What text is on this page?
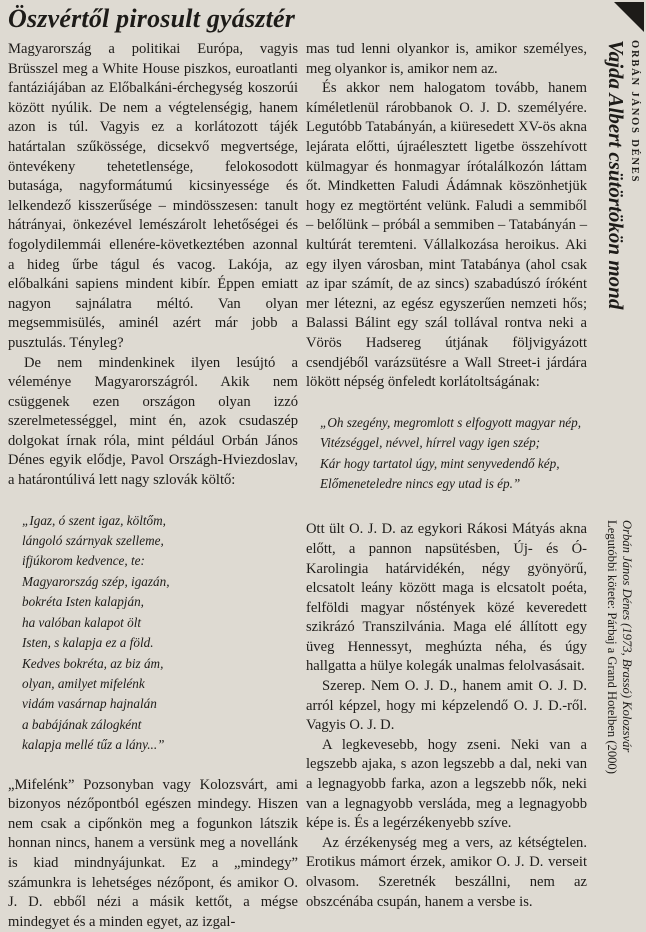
Öszvértől pirosult gyásztér

Magyarország a politikai Európa, vagyis Brüsszel meg a White House piszkos, euroatlanti fantáziájában az Előbalkáni-érchegység koszorúi között nyúlik. De nem a végtelenségig, hanem azon is túl. Vagyis ez a korlátozott tájék határtalan szűkössége, dicsekvő megvertsége, öntevékeny tehetetlensége, felokosodott butasága, nagyformátumú kicsinyessége és lelkendező kisszerűsége – mindösszesen: tanult hátrányai, önkezével lemészárolt lehetőségei és fogolydilemmái ellenére-következtében azonnal a hideg űrbe tágul és vacog. Lakója, az előbalkáni sapiens mindent kibír. Éppen emiatt nagyon sajnálatra méltó. Van olyan megsemmisülés, aminél azért már jobb a pusztulás. Tényleg?

De nem mindenkinek ilyen lesújtó a véleménye Magyarországról. Akik nem csüggenek ezen országon olyan izzó szerelmetességgel, mint én, azok csudaszép dolgokat írnak róla, mint például Orbán János Dénes egyik elődje, Pavol Országh-Hviezdoslav, a határontúlivá lett nagy szlovák költő:

„Igaz, ó szent igaz, költőm,
lángoló szárnyak szelleme,
ifjúkorom kedvence, te:
Magyarország szép, igazán,
bokréta Isten kalapján,
ha valóban kalapot ölt
Isten, s kalapja ez a föld.
Kedves bokréta, az biz ám,
olyan, amilyet mifelénk
vidám vasárnap hajnalán
a babájának zálogként
kalapja mellé tűz a lány...”

„Mifelénk” Pozsonyban vagy Kolozsvárt, ami bizonyos nézőpontból egészen mindegy. Hiszen nem csak a cipőnkön meg a fogunkon látszik honnan nincs, hanem a versünk meg a novellánk is kiad mindnyájunkat. Ez a „mindegy” számunkra is lehetséges nézőpont, és amikor O. J. D. ebből nézi a másik kettőt, a mégse mindegyet és a minden egyet, az izgal-

mas tud lenni olyankor is, amikor személyes, meg olyankor is, amikor nem az.

És akkor nem halogatom tovább, hanem kíméletlenül rárobbanok O. J. D. személyére. Legutóbb Tatabányán, a kiüresedett XV-ös akna lejárata előtti, újraélesztett ligetbe összehívott külmagyar és honmagyar írótalálkozón láttam őt. Mindketten Faludi Ádámnak köszönhetjük hogy ez megtörtént velünk. Faludi a semmiből – belőlünk – próbál a semmiben – Tatabányán – kultúrát teremteni. Vállalkozása heroikus. Aki egy ilyen városban, mint Tatabánya (ahol csak az ipar számít, de az sincs) szabadúszó íróként mer létezni, az egész egyszerűen nemzeti hős; Balassi Bálint egy szál tollával rontva neki a Vörös Hadsereg útjának följvigyázott csendjéből varázsütésre a Wall Street-i járdára lökött népség önfeledt korlátoltságának:

„Oh szegény, megromlott s elfogyott magyar nép,
Vitézséggel, névvel, hírrel vagy igen szép;
Kár hogy tartatol úgy, mint senyvedendő kép,
Előmeneteledre nincs egy utad is ép.”

Ott ült O. J. D. az egykori Rákosi Mátyás akna előtt, a pannon napsütésben, Új- és Ó-Karolingia határvidékén, négy gyönyörű, elcsatolt leány között maga is elcsatolt poéta, felföldi magyar nőstények közé keveredett szikrázó Transzilvánia. Maga elé állított egy üveg Hennessyt, meghúzta néha, és úgy hallgatta a hülye kolegák unalmas felolvasásait.

Szerep. Nem O. J. D., hanem amit O. J. D. arról képzel, hogy mi képzelendő O. J. D.-ről. Vagyis O. J. D.

A legkevesebb, hogy zseni. Neki van a legszebb ajaka, s azon legszebb a dal, neki van a legnagyobb farka, azon a legszebb nők, neki van a legnagyobb versláda, meg a legnagyobb képe is. És a legérzékenyebb szíve.

Az érzékenység meg a vers, az kétségtelen. Erotikus mámort érzek, amikor O. J. D. verseit olvasom. Szeretnék beszállni, nem az obszcénába csupán, hanem a versbe is.

ORBÁN JÁNOS DÉNES
Vajda Albert csütörtökön mond
Orbán János Dénes (1973, Brassó) Kolozsvár
Legutóbbi kötete: Párbaj a Grand Hotelben (2000)
